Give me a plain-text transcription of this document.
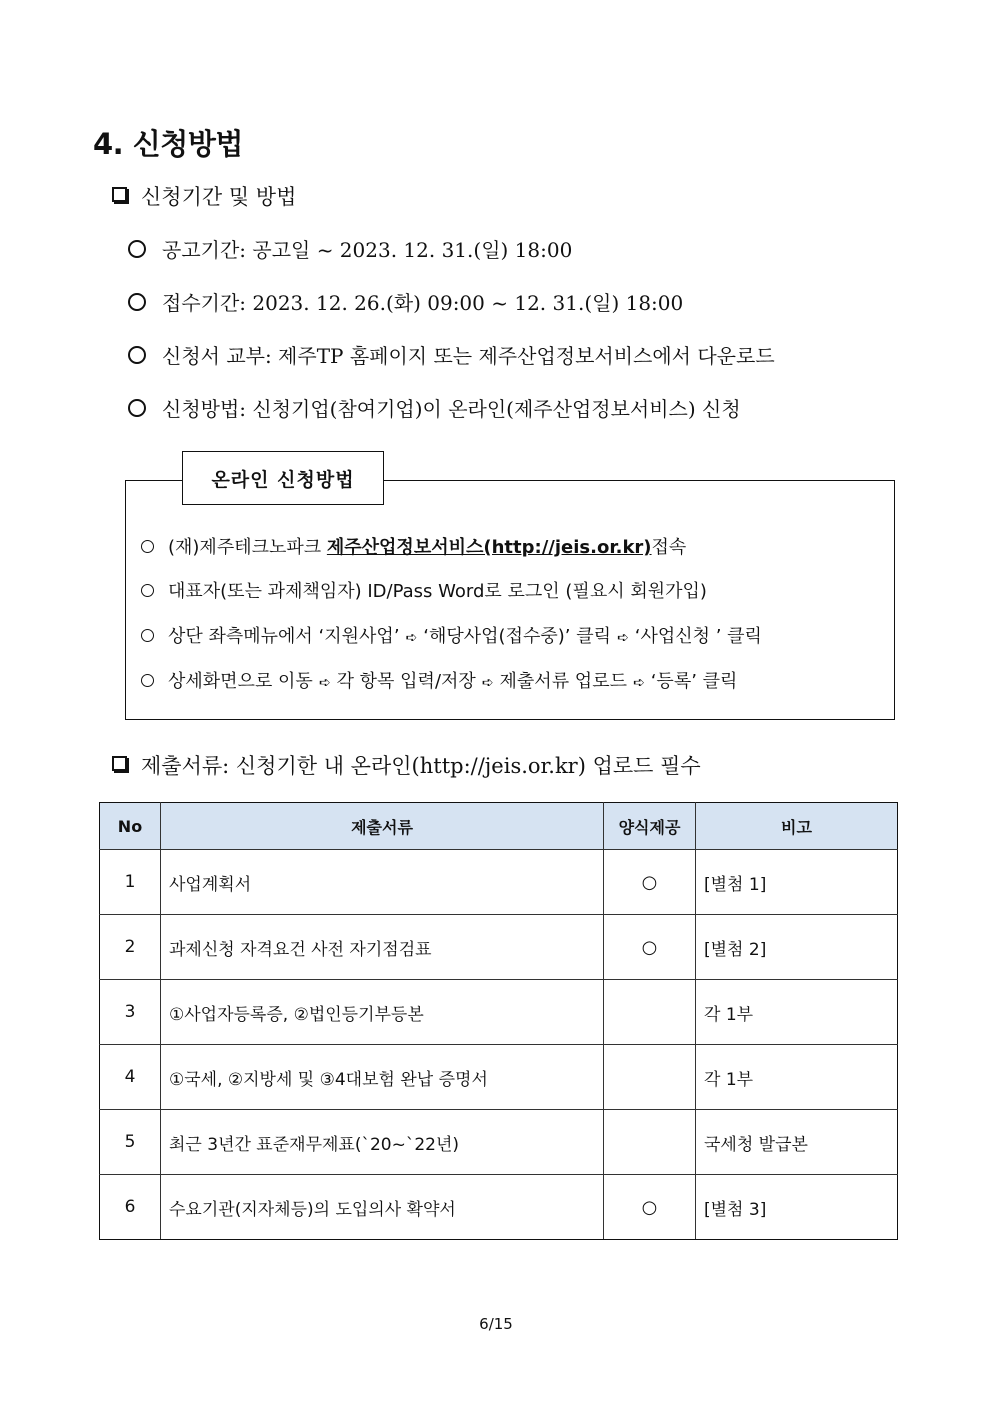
4. 신청방법
신청기간 및 방법
공고기간: 공고일 ~ 2023. 12. 31.(일) 18:00
접수기간: 2023. 12. 26.(화) 09:00 ~ 12. 31.(일) 18:00
신청서 교부: 제주TP 홈페이지 또는 제주산업정보서비스에서 다운로드
신청방법: 신청기업(참여기업)이 온라인(제주산업정보서비스) 신청
온라인 신청방법
(재)제주테크노파크 제주산업정보서비스(http://jeis.or.kr)접속
대표자(또는 과제책임자) ID/Pass Word로 로그인 (필요시 회원가입)
상단 좌측메뉴에서 ‘지원사업’ ➪ ‘해당사업(접수중)’ 클릭 ➪ ‘사업신청 ’ 클릭
상세화면으로 이동 ➪ 각 항목 입력/저장 ➪ 제출서류 업로드 ➪ ‘등록’ 클릭
제출서류: 신청기한 내 온라인(http://jeis.or.kr) 업로드 필수
No	제출서류	양식제공	비고
1	사업계획서	○	[별첨 1]
2	과제신청 자격요건 사전 자기점검표	○	[별첨 2]
3	①사업자등록증, ②법인등기부등본		각 1부
4	①국세, ②지방세 및 ③4대보험 완납 증명서		각 1부
5	최근 3년간 표준재무제표(`20~`22년)		국세청 발급본
6	수요기관(지자체등)의 도입의사 확약서	○	[별첨 3]
6/15
